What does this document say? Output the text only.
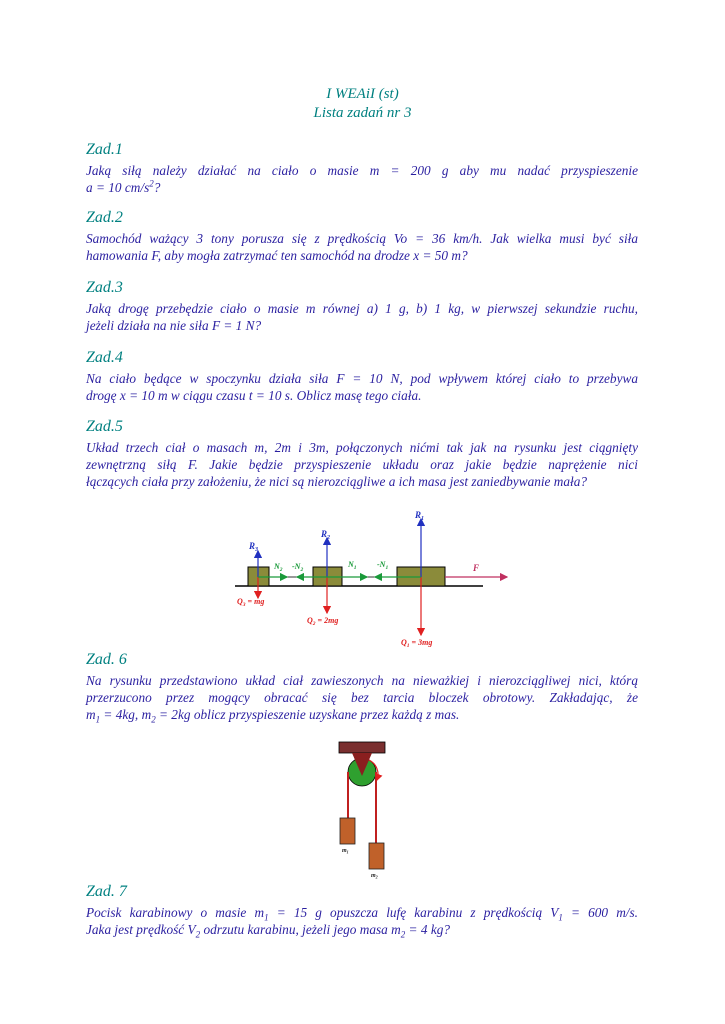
I WEAiI (st)
Lista zadań nr 3
Zad.1
Jaką siłą należy działać na ciało o masie m = 200 g aby mu nadać przyspieszenie
a = 10 $cm/s^2$?
Zad.2
Samochód ważący 3 tony porusza się z prędkością Vo = 36 km/h. Jak wielka musi być siła
hamowania F, aby mogła zatrzymać ten samochód na drodze x = 50 m?
Zad.3
Jaką drogę przebędzie ciało o masie m równej a) 1 g, b) 1 kg, w pierwszej sekundzie ruchu,
jeżeli działa na nie siła F = 1 N?
Zad.4
Na ciało będące w spoczynku działa siła F = 10 N, pod wpływem której ciało to przebywa
drogę x = 10 m w ciągu czasu t = 10 s. Oblicz masę tego ciała.
Zad.5
Układ trzech ciał o masach m, 2m i 3m, połączonych nićmi tak jak na rysunku jest ciągnięty
zewnętrzną siłą F. Jakie będzie przyspieszenie układu oraz jakie będzie naprężenie nici
łączących ciała przy założeniu, że nici są nierozciągliwe a ich masa jest zaniedbywanie mała?
$R_3$
$R_2$
$R_1$
$N_2$ $-N_2$
$N_1$	$-N_1$	F
$Q_3$ = mg
$Q_2 = 2mg$
$Q_1 = 3mg$
Zad. 6
Na rysunku przedstawiono układ ciał zawieszonych na nieważkiej i nierozciągliwej nici, którą
przerzucono przez mogący obracać się bez tarcia bloczek obrotowy. Zakładając, że
$m_1 = 4kg$, $m_2 = 2kg$ oblicz przyspieszenie uzyskane przez każdą z mas.
$m_1$
$m_2$
Zad. 7
Pocisk karabinowy o masie $m_1 = 15$ g opuszcza lufę karabinu z prędkością $V_1 = 600$ m/s.
Jaka jest prędkość $V_2$ odrzutu karabinu, jeżeli jego masa $m_2 = 4$ kg?
